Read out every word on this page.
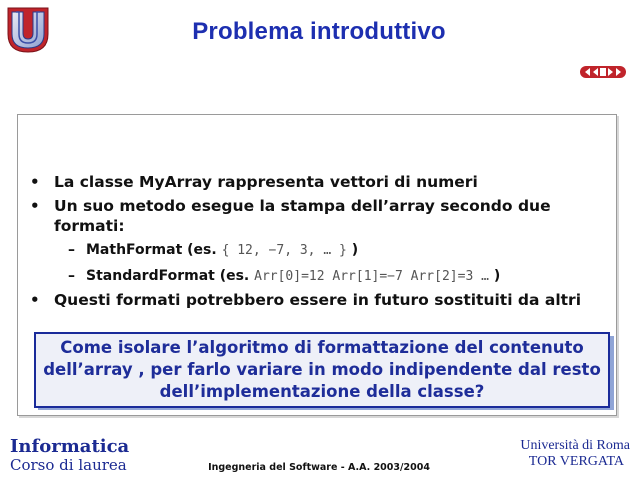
Problema introduttivo
• La classe MyArray rappresenta vettori di numeri
• Un suo metodo esegue la stampa dell’array secondo due formati:
– MathFormat (es. { 12, −7, 3, … } )
– StandardFormat (es. Arr[0]=12 Arr[1]=−7 Arr[2]=3 … )
• Questi formati potrebbero essere in futuro sostituiti da altri
Come isolare l’algoritmo di formattazione del contenuto dell’array , per farlo variare in modo indipendente dal resto dell’implementazione della classe?
Informatica
Corso di laurea	Ingegneria del Software - A.A. 2003/2004
Università di Roma
TOR VERGATA
